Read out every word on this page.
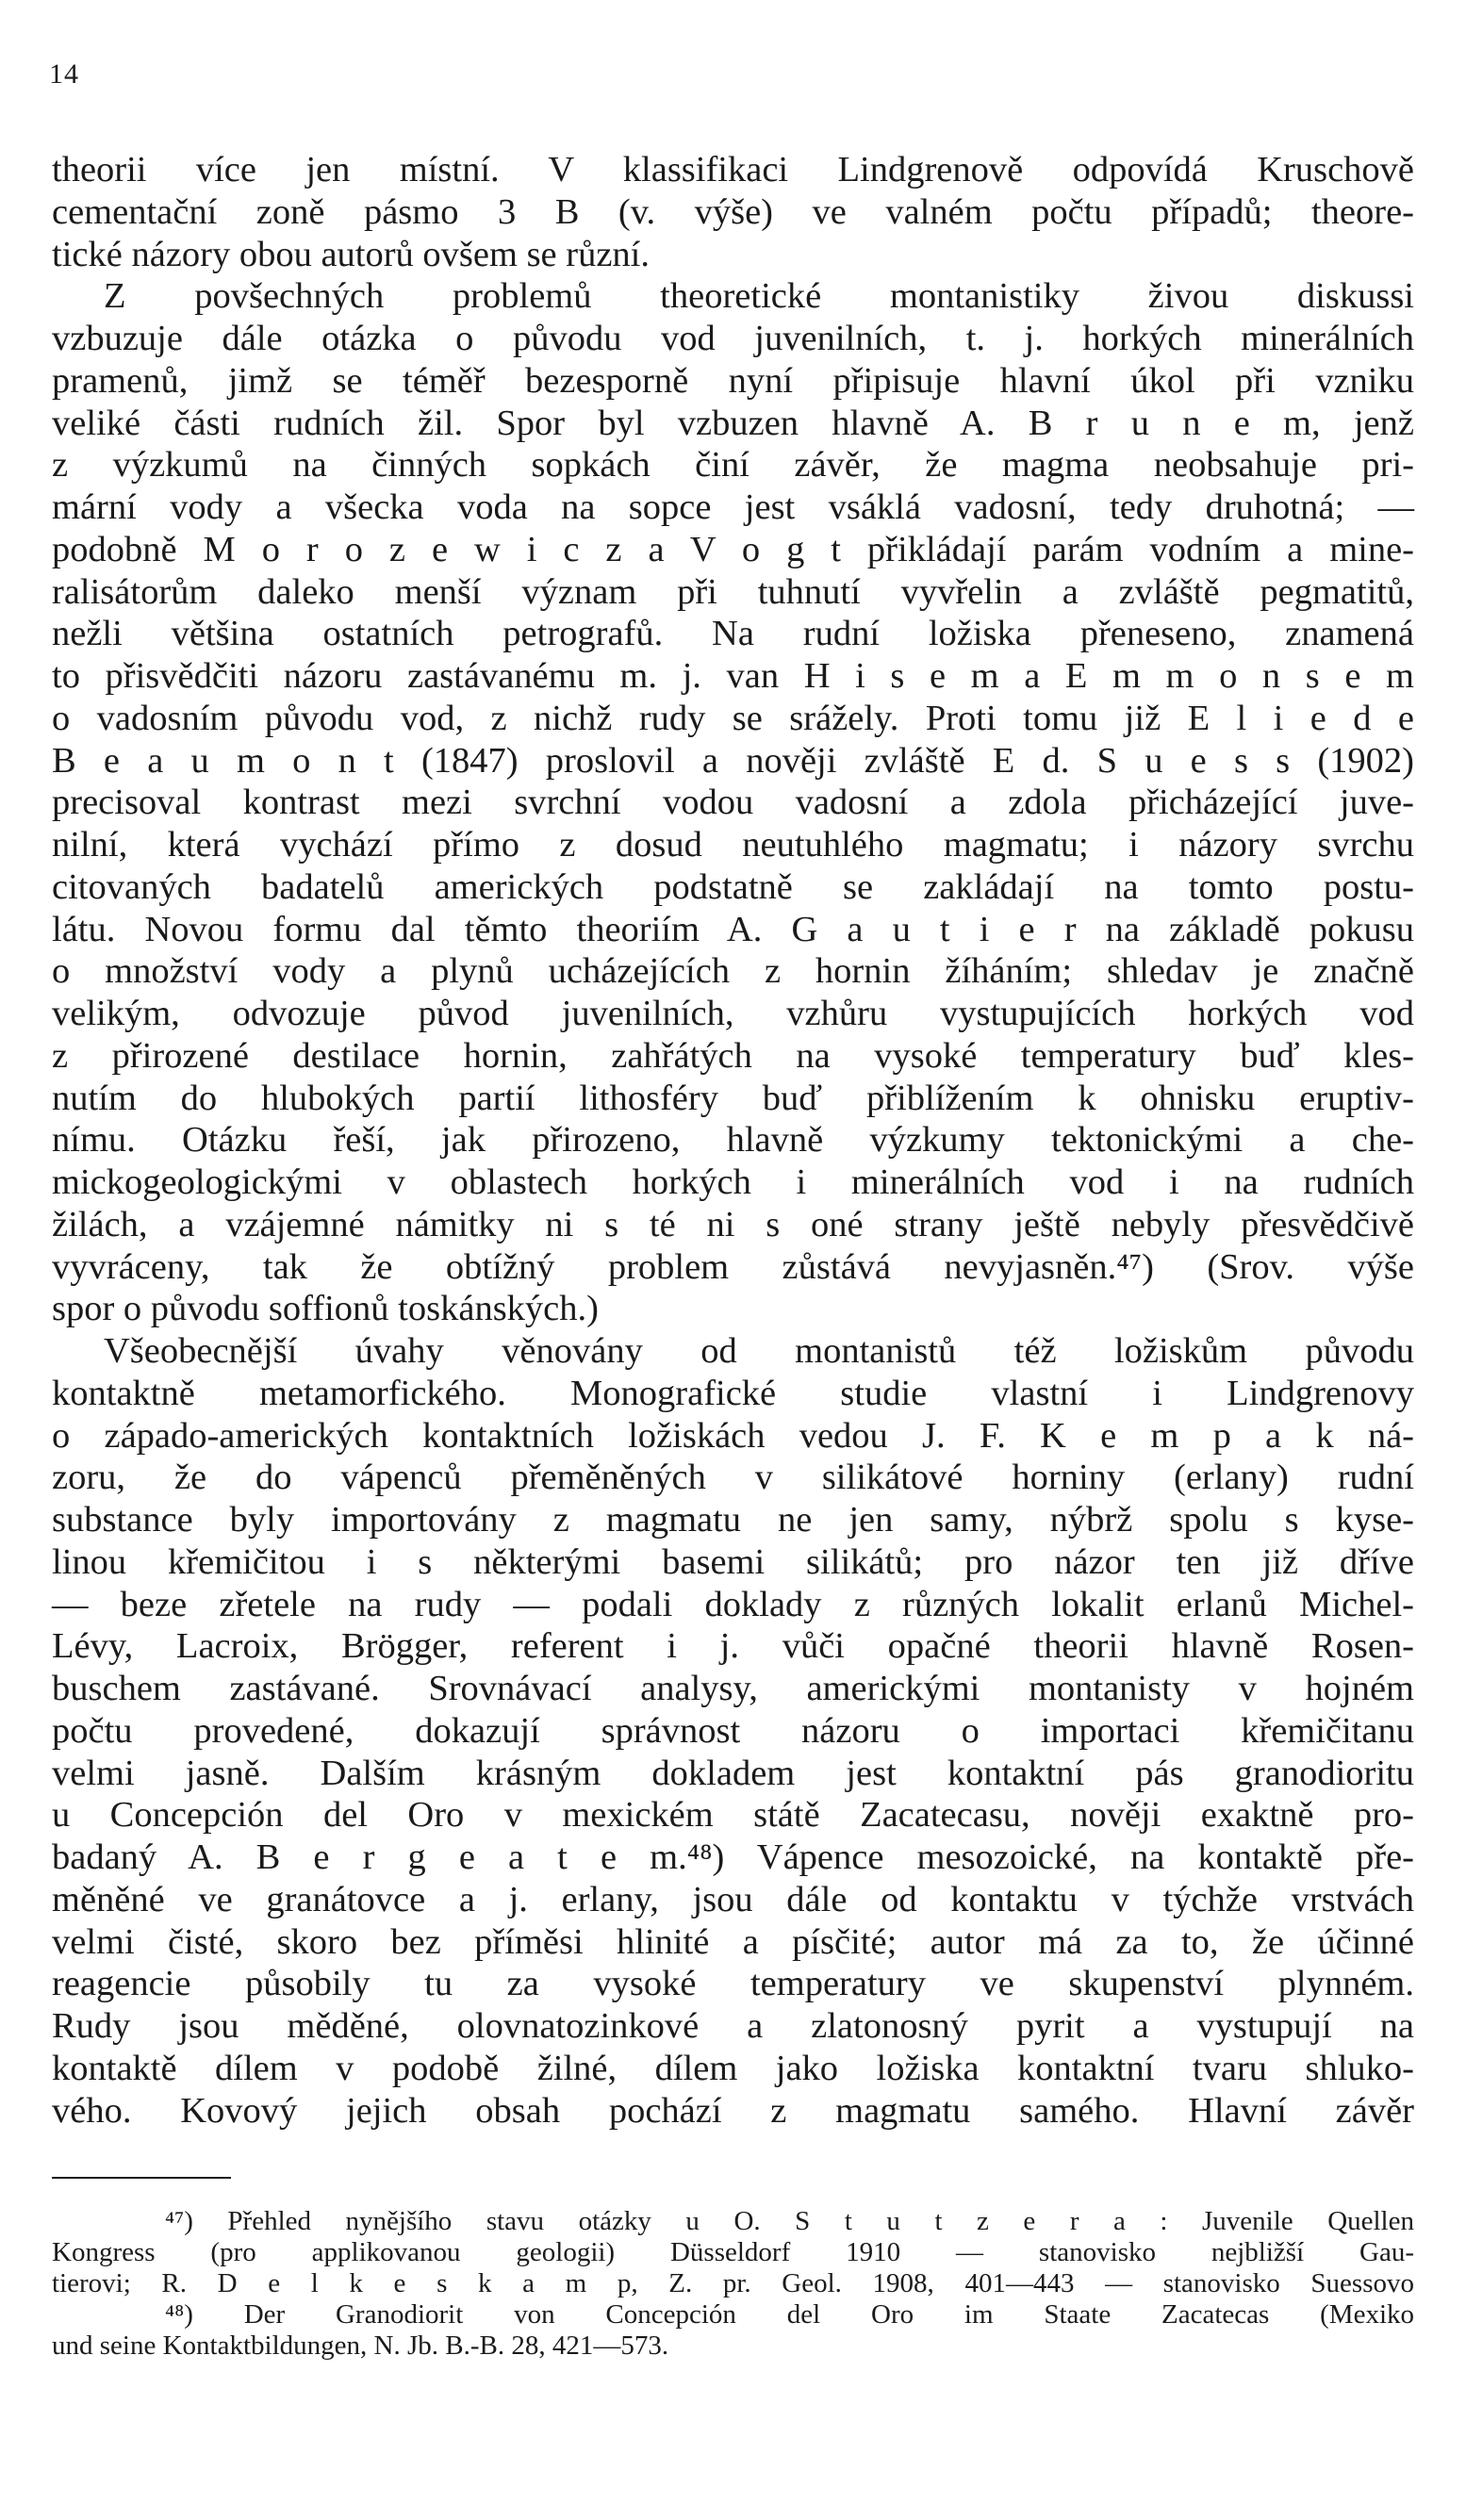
14
theorii více jen místní. V klassifikaci Lindgrenově odpovídá Kruschově
cementační zoně pásmo 3 B (v. výše) ve valném počtu případů; theore-
tické názory obou autorů ovšem se různí.
Z povšechných problemů theoretické montanistiky živou diskussi
vzbuzuje dále otázka o původu vod juvenilních, t. j. horkých minerálních
pramenů, jimž se téměř bezesporně nyní připisuje hlavní úkol při vzniku
veliké části rudních žil. Spor byl vzbuzen hlavně A. B r u n e m, jenž
z výzkumů na činných sopkách činí závěr, že magma neobsahuje pri-
mární vody a všecka voda na sopce jest vsáklá vadosní, tedy druhotná; —
podobně M o r o z e w i c z a V o g t přikládají parám vodním a mine-
ralisátorům daleko menší význam při tuhnutí vyvřelin a zvláště pegmatitů,
nežli většina ostatních petrografů. Na rudní ložiska přeneseno, znamená
to přisvědčiti názoru zastávanému m. j. van H i s e m a E m m o n s e m
o vadosním původu vod, z nichž rudy se srážely. Proti tomu již E l i e d e
B e a u m o n t (1847) proslovil a nověji zvláště E d. S u e s s (1902)
precisoval kontrast mezi svrchní vodou vadosní a zdola přicházející juve-
nilní, která vychází přímo z dosud neutuhlého magmatu; i názory svrchu
citovaných badatelů amerických podstatně se zakládají na tomto postu-
látu. Novou formu dal těmto theoriím A. G a u t i e r na základě pokusu
o množství vody a plynů ucházejících z hornin žíháním; shledav je značně
velikým, odvozuje původ juvenilních, vzhůru vystupujících horkých vod
z přirozené destilace hornin, zahřátých na vysoké temperatury buď kles-
nutím do hlubokých partií lithosféry buď přiblížením k ohnisku eruptiv-
nímu. Otázku řeší, jak přirozeno, hlavně výzkumy tektonickými a che-
mickogeologickými v oblastech horkých i minerálních vod i na rudních
žilách, a vzájemné námitky ni s té ni s oné strany ještě nebyly přesvědčivě
vyvráceny, tak že obtížný problem zůstává nevyjasněn.⁴⁷) (Srov. výše
spor o původu soffionů toskánských.)
Všeobecnější úvahy věnovány od montanistů též ložiskům původu
kontaktně metamorfického. Monografické studie vlastní i Lindgrenovy
o západo-amerických kontaktních ložiskách vedou J. F. K e m p a k ná-
zoru, že do vápenců přeměněných v silikátové horniny (erlany) rudní
substance byly importovány z magmatu ne jen samy, nýbrž spolu s kyse-
linou křemičitou i s některými basemi silikátů; pro názor ten již dříve
— beze zřetele na rudy — podali doklady z různých lokalit erlanů Michel-
Lévy, Lacroix, Brögger, referent i j. vůči opačné theorii hlavně Rosen-
buschem zastávané. Srovnávací analysy, americkými montanisty v hojném
počtu provedené, dokazují správnost názoru o importaci křemičitanu
velmi jasně. Dalším krásným dokladem jest kontaktní pás granodioritu
u Concepción del Oro v mexickém státě Zacatecasu, nověji exaktně pro-
badaný A. B e r g e a t e m.⁴⁸) Vápence mesozoické, na kontaktě pře-
měněné ve granátovce a j. erlany, jsou dále od kontaktu v týchže vrstvách
velmi čisté, skoro bez příměsi hlinité a písčité; autor má za to, že účinné
reagencie působily tu za vysoké temperatury ve skupenství plynném.
Rudy jsou měděné, olovnatozinkové a zlatonosný pyrit a vystupují na
kontaktě dílem v podobě žilné, dílem jako ložiska kontaktní tvaru shluko-
vého. Kovový jejich obsah pochází z magmatu samého. Hlavní závěr
⁴⁷) Přehled nynějšího stavu otázky u O. S t u t z e r a : Juvenile Quellen
Kongress (pro applikovanou geologii) Düsseldorf 1910 — stanovisko nejbližší Gau-
tierovi; R. D e l k e s k a m p, Z. pr. Geol. 1908, 401—443 — stanovisko Suessovo
⁴⁸) Der Granodiorit von Concepción del Oro im Staate Zacatecas (Mexiko
und seine Kontaktbildungen, N. Jb. B.-B. 28, 421—573.
